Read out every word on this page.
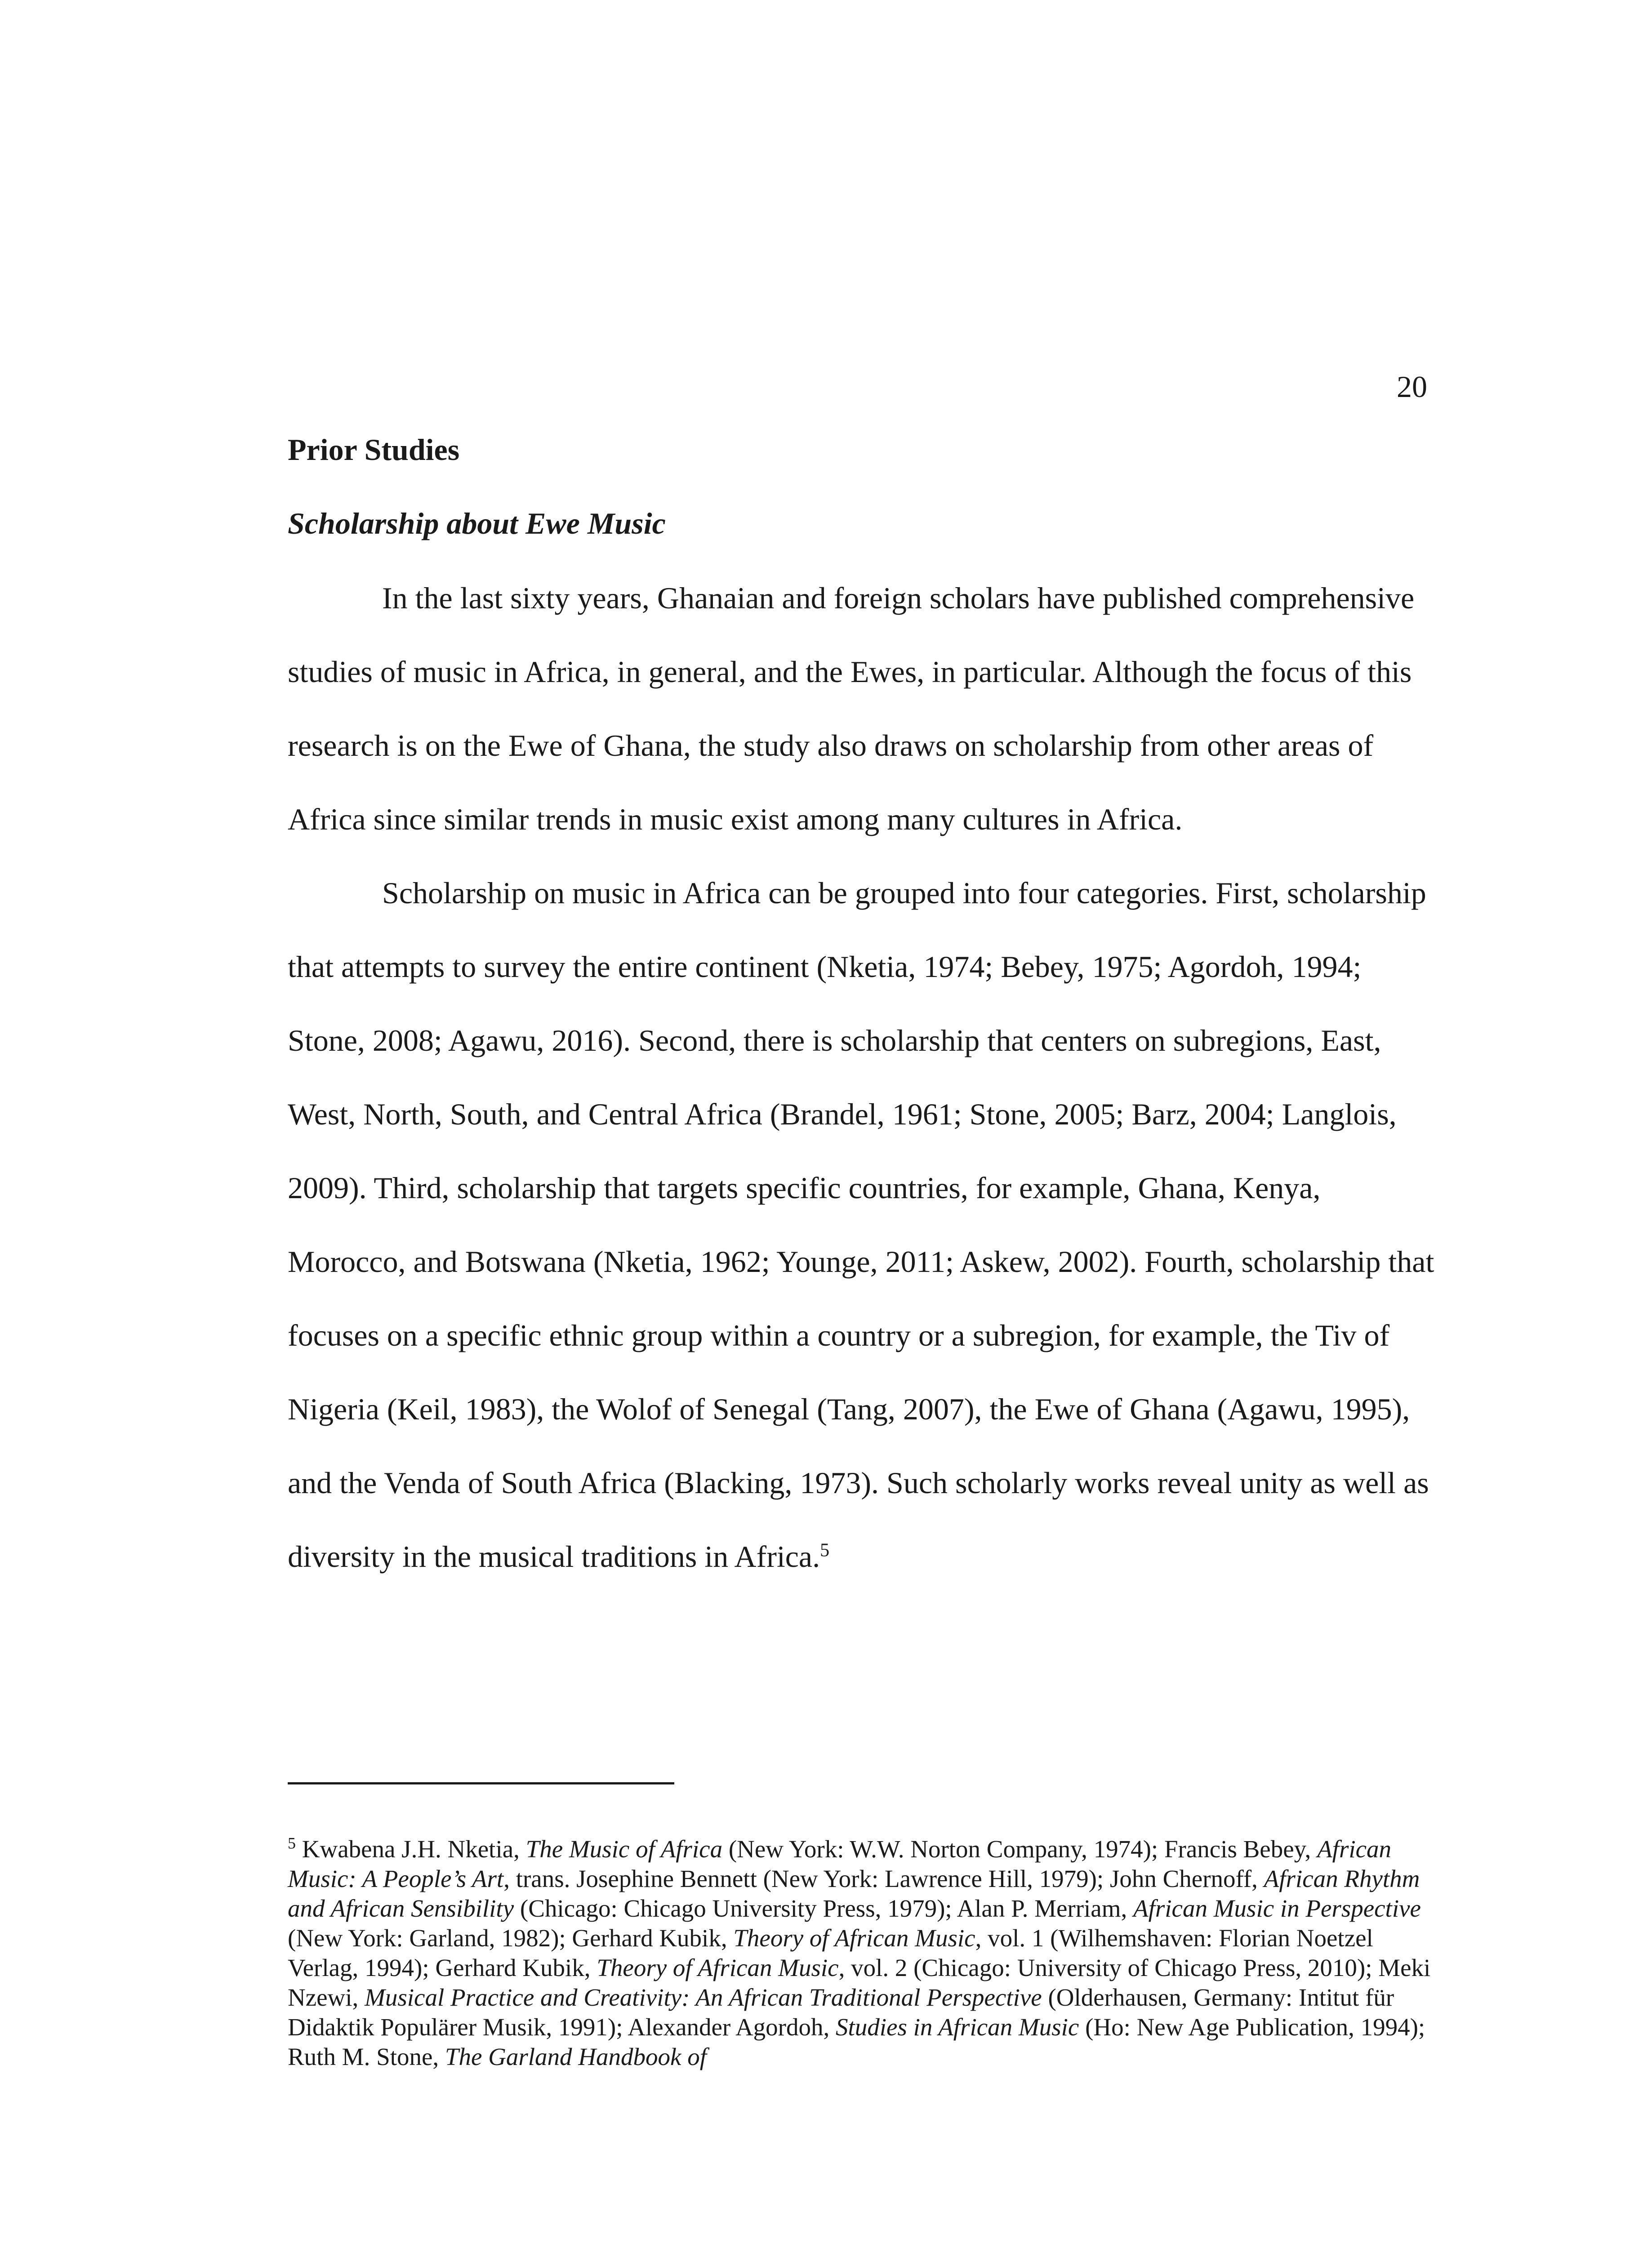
20
Prior Studies
Scholarship about Ewe Music

In the last sixty years, Ghanaian and foreign scholars have published comprehensive studies of music in Africa, in general, and the Ewes, in particular. Although the focus of this research is on the Ewe of Ghana, the study also draws on scholarship from other areas of Africa since similar trends in music exist among many cultures in Africa.

Scholarship on music in Africa can be grouped into four categories. First, scholarship that attempts to survey the entire continent (Nketia, 1974; Bebey, 1975; Agordoh, 1994; Stone, 2008; Agawu, 2016). Second, there is scholarship that centers on subregions, East, West, North, South, and Central Africa (Brandel, 1961; Stone, 2005; Barz, 2004; Langlois, 2009). Third, scholarship that targets specific countries, for example, Ghana, Kenya, Morocco, and Botswana (Nketia, 1962; Younge, 2011; Askew, 2002). Fourth, scholarship that focuses on a specific ethnic group within a country or a subregion, for example, the Tiv of Nigeria (Keil, 1983), the Wolof of Senegal (Tang, 2007), the Ewe of Ghana (Agawu, 1995), and the Venda of South Africa (Blacking, 1973). Such scholarly works reveal unity as well as diversity in the musical traditions in Africa.$^5$

$^5$ Kwabena J.H. Nketia, The Music of Africa (New York: W.W. Norton Company, 1974); Francis Bebey, African Music: A People’s Art, trans. Josephine Bennett (New York: Lawrence Hill, 1979); John Chernoff, African Rhythm and African Sensibility (Chicago: Chicago University Press, 1979); Alan P. Merriam, African Music in Perspective (New York: Garland, 1982); Gerhard Kubik, Theory of African Music, vol. 1 (Wilhemshaven: Florian Noetzel Verlag, 1994); Gerhard Kubik, Theory of African Music, vol. 2 (Chicago: University of Chicago Press, 2010); Meki Nzewi, Musical Practice and Creativity: An African Traditional Perspective (Olderhausen, Germany: Intitut für Didaktik Populärer Musik, 1991); Alexander Agordoh, Studies in African Music (Ho: New Age Publication, 1994); Ruth M. Stone, The Garland Handbook of
